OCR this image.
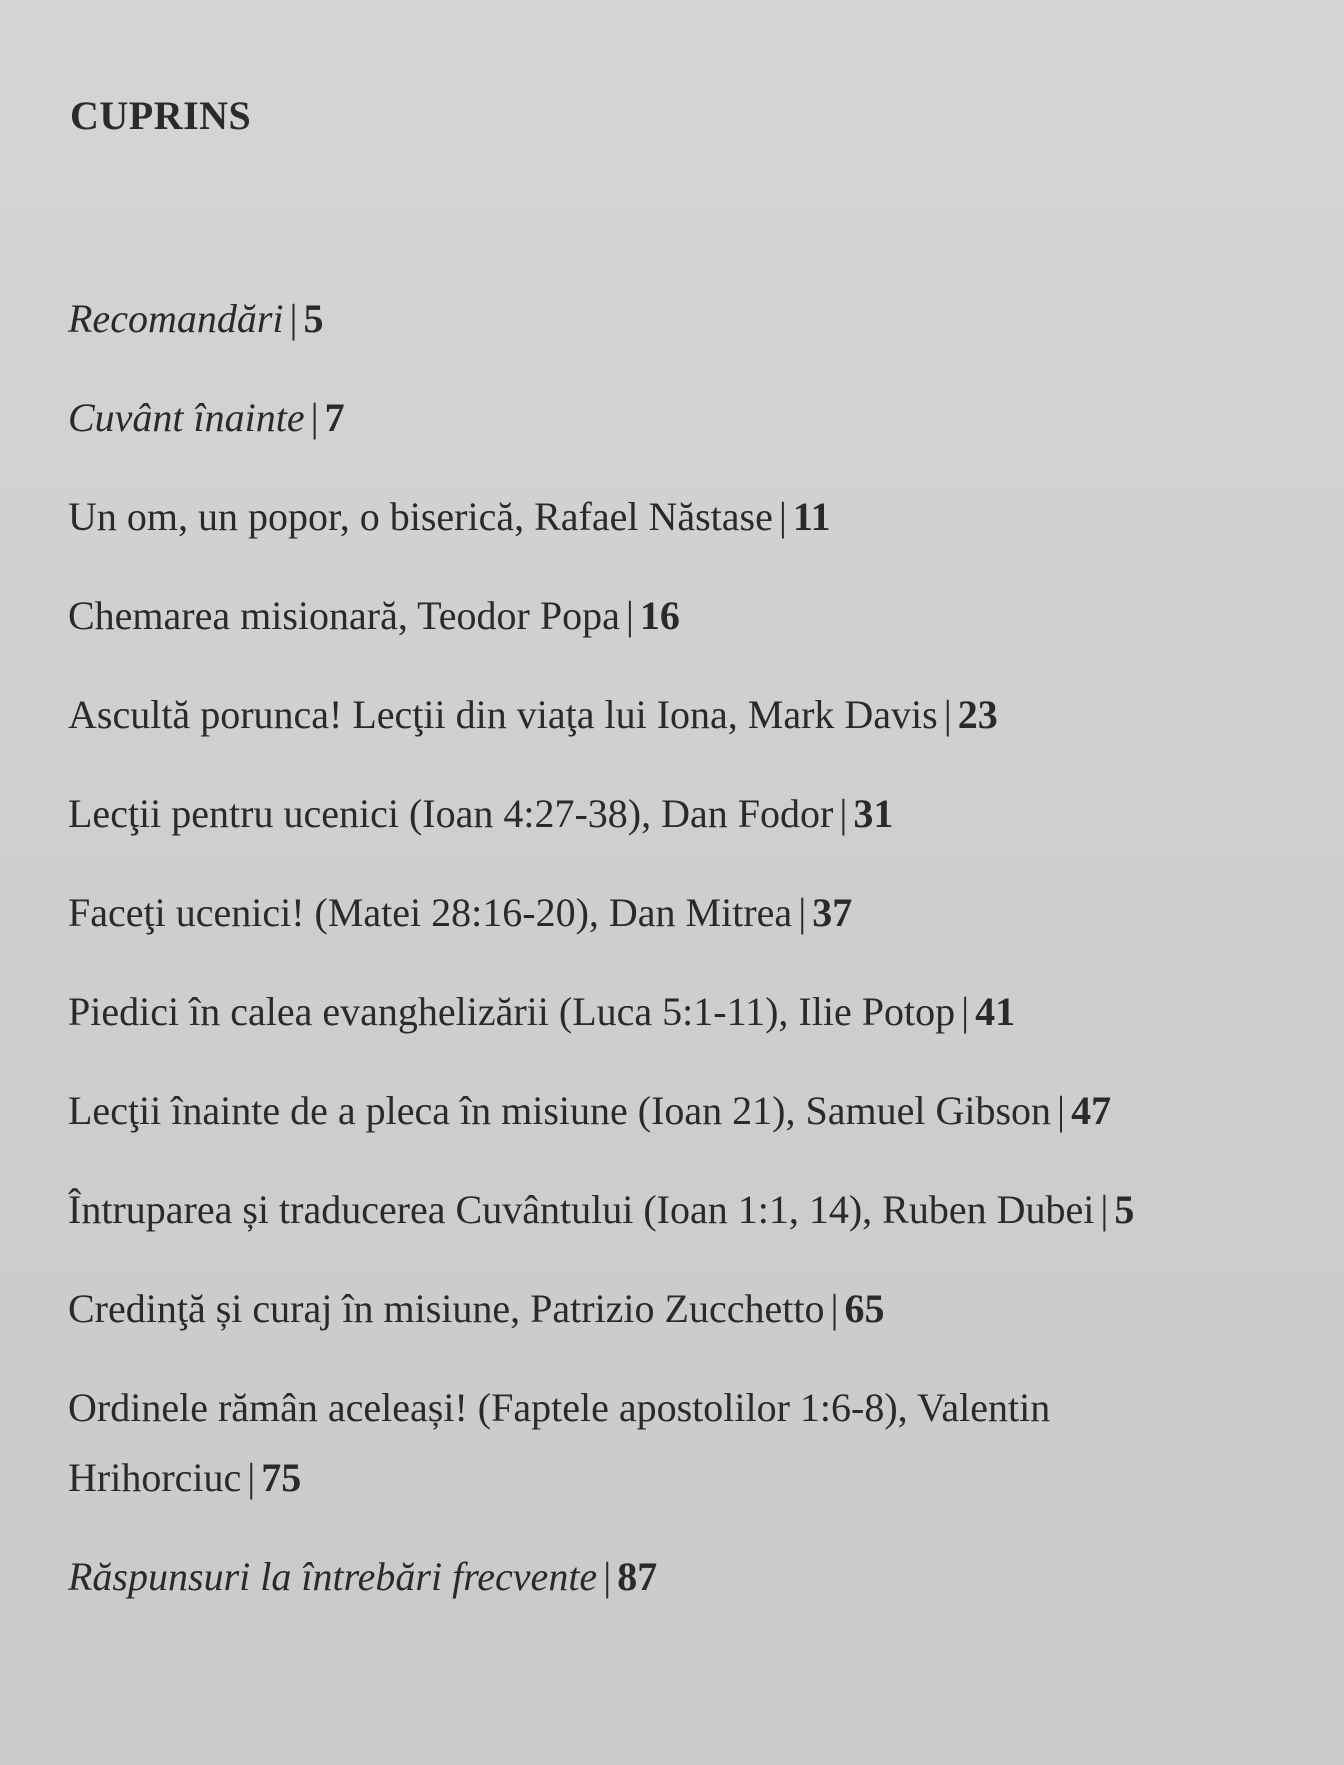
CUPRINS
Recomandări | 5
Cuvânt înainte | 7
Un om, un popor, o biserică, Rafael Năstase | 11
Chemarea misionară, Teodor Popa | 16
Ascultă porunca! Lecţii din viaţa lui Iona, Mark Davis | 23
Lecţii pentru ucenici (Ioan 4:27-38), Dan Fodor | 31
Faceţi ucenici! (Matei 28:16-20), Dan Mitrea | 37
Piedici în calea evanghelizării (Luca 5:1-11), Ilie Potop | 41
Lecţii înainte de a pleca în misiune (Ioan 21), Samuel Gibson | 47
Întruparea și traducerea Cuvântului (Ioan 1:1, 14), Ruben Dubei | 5
Credinţă și curaj în misiune, Patrizio Zucchetto | 65
Ordinele rămân aceleași! (Faptele apostolilor 1:6-8), Valentin Hrihorciuc | 75
Răspunsuri la întrebări frecvente | 87
